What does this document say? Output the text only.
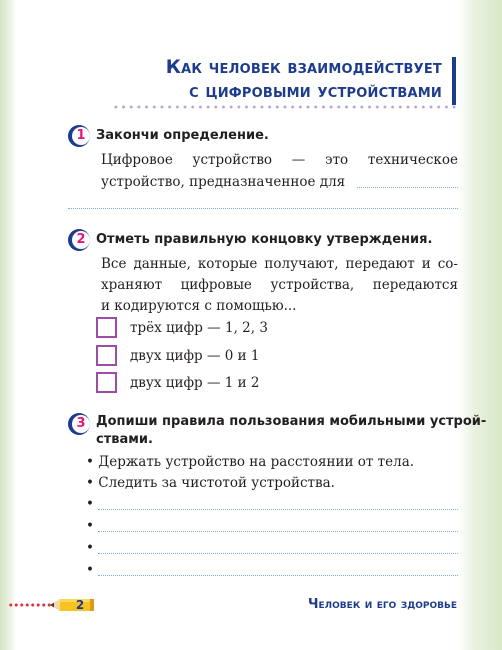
Как человек взаимодействует
с цифровыми устройствами
1 Закончи определение.
Цифровое устройство — это техническое
устройство, предназначенное для
2 Отметь правильную концовку утверждения.
Все данные, которые получают, передают и со-
храняют цифровые устройства, передаются
и кодируются с помощью...
трёх цифр — 1, 2, 3
двух цифр — 0 и 1
двух цифр — 1 и 2
3 Допиши правила пользования мобильными устрой-
ствами.
• Держать устройство на расстоянии от тела.
• Следить за чистотой устройства.
•
•
•
•
2	Человек и его здоровье
